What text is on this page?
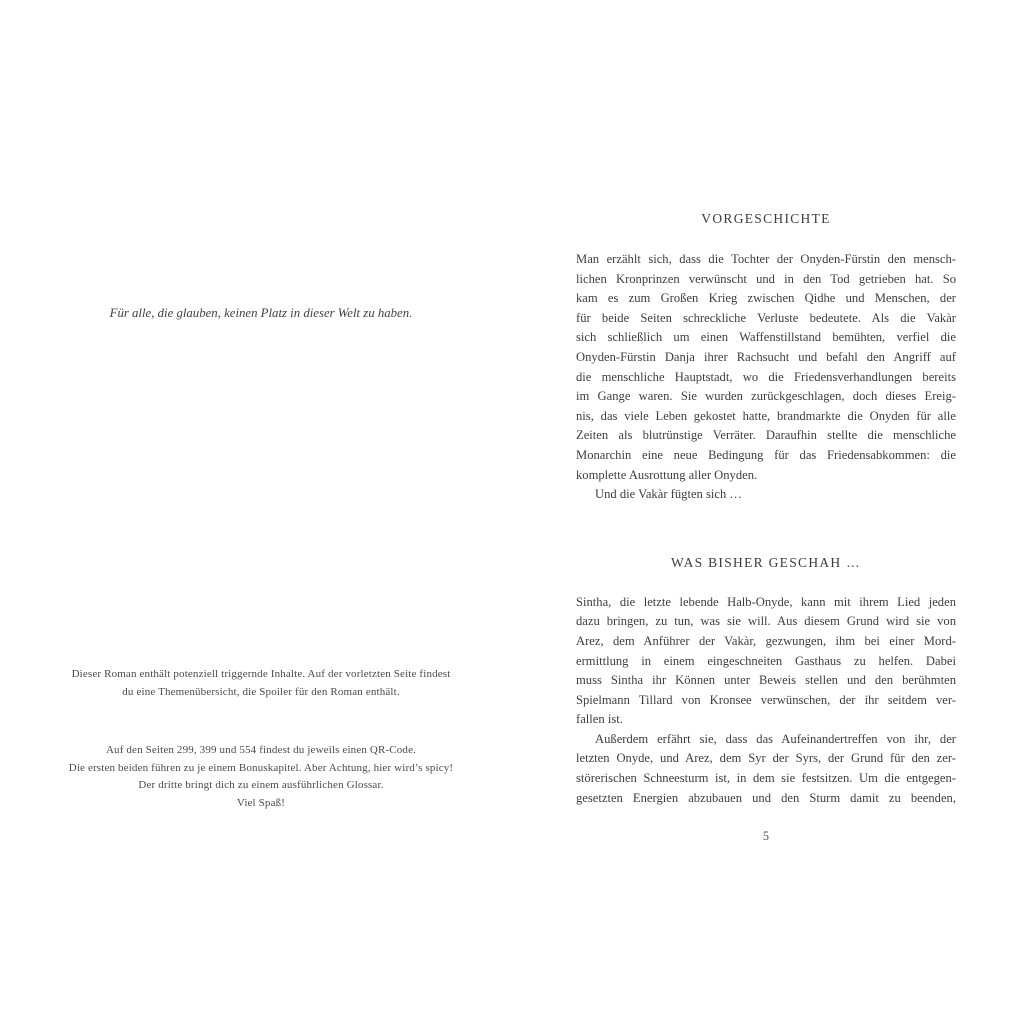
Für alle, die glauben, keinen Platz in dieser Welt zu haben.
Dieser Roman enthält potenziell triggernde Inhalte. Auf der vorletzten Seite findest
du eine Themenübersicht, die Spoiler für den Roman enthält.
Auf den Seiten 299, 399 und 554 findest du jeweils einen QR-Code.
Die ersten beiden führen zu je einem Bonuskapitel. Aber Achtung, hier wird’s spicy!
Der dritte bringt dich zu einem ausführlichen Glossar.
Viel Spaß!
VORGESCHICHTE
Man erzählt sich, dass die Tochter der Onyden-Fürstin den mensch-
lichen Kronprinzen verwünscht und in den Tod getrieben hat. So
kam es zum Großen Krieg zwischen Qidhe und Menschen, der
für beide Seiten schreckliche Verluste bedeutete. Als die Vakàr
sich schließlich um einen Waffenstillstand bemühten, verfiel die
Onyden-Fürstin Danja ihrer Rachsucht und befahl den Angriff auf
die menschliche Hauptstadt, wo die Friedensverhandlungen bereits
im Gange waren. Sie wurden zurückgeschlagen, doch dieses Ereig-
nis, das viele Leben gekostet hatte, brandmarkte die Onyden für alle
Zeiten als blutrünstige Verräter. Daraufhin stellte die menschliche
Monarchin eine neue Bedingung für das Friedensabkommen: die
komplette Ausrottung aller Onyden.
Und die Vakàr fügten sich …
WAS BISHER GESCHAH …
Sintha, die letzte lebende Halb-Onyde, kann mit ihrem Lied jeden
dazu bringen, zu tun, was sie will. Aus diesem Grund wird sie von
Arez, dem Anführer der Vakàr, gezwungen, ihm bei einer Mord-
ermittlung in einem eingeschneiten Gasthaus zu helfen. Dabei
muss Sintha ihr Können unter Beweis stellen und den berühmten
Spielmann Tillard von Kronsee verwünschen, der ihr seitdem ver-
fallen ist.
Außerdem erfährt sie, dass das Aufeinandertreffen von ihr, der
letzten Onyde, und Arez, dem Syr der Syrs, der Grund für den zer-
störerischen Schneesturm ist, in dem sie festsitzen. Um die entgegen-
gesetzten Energien abzubauen und den Sturm damit zu beenden,
5
